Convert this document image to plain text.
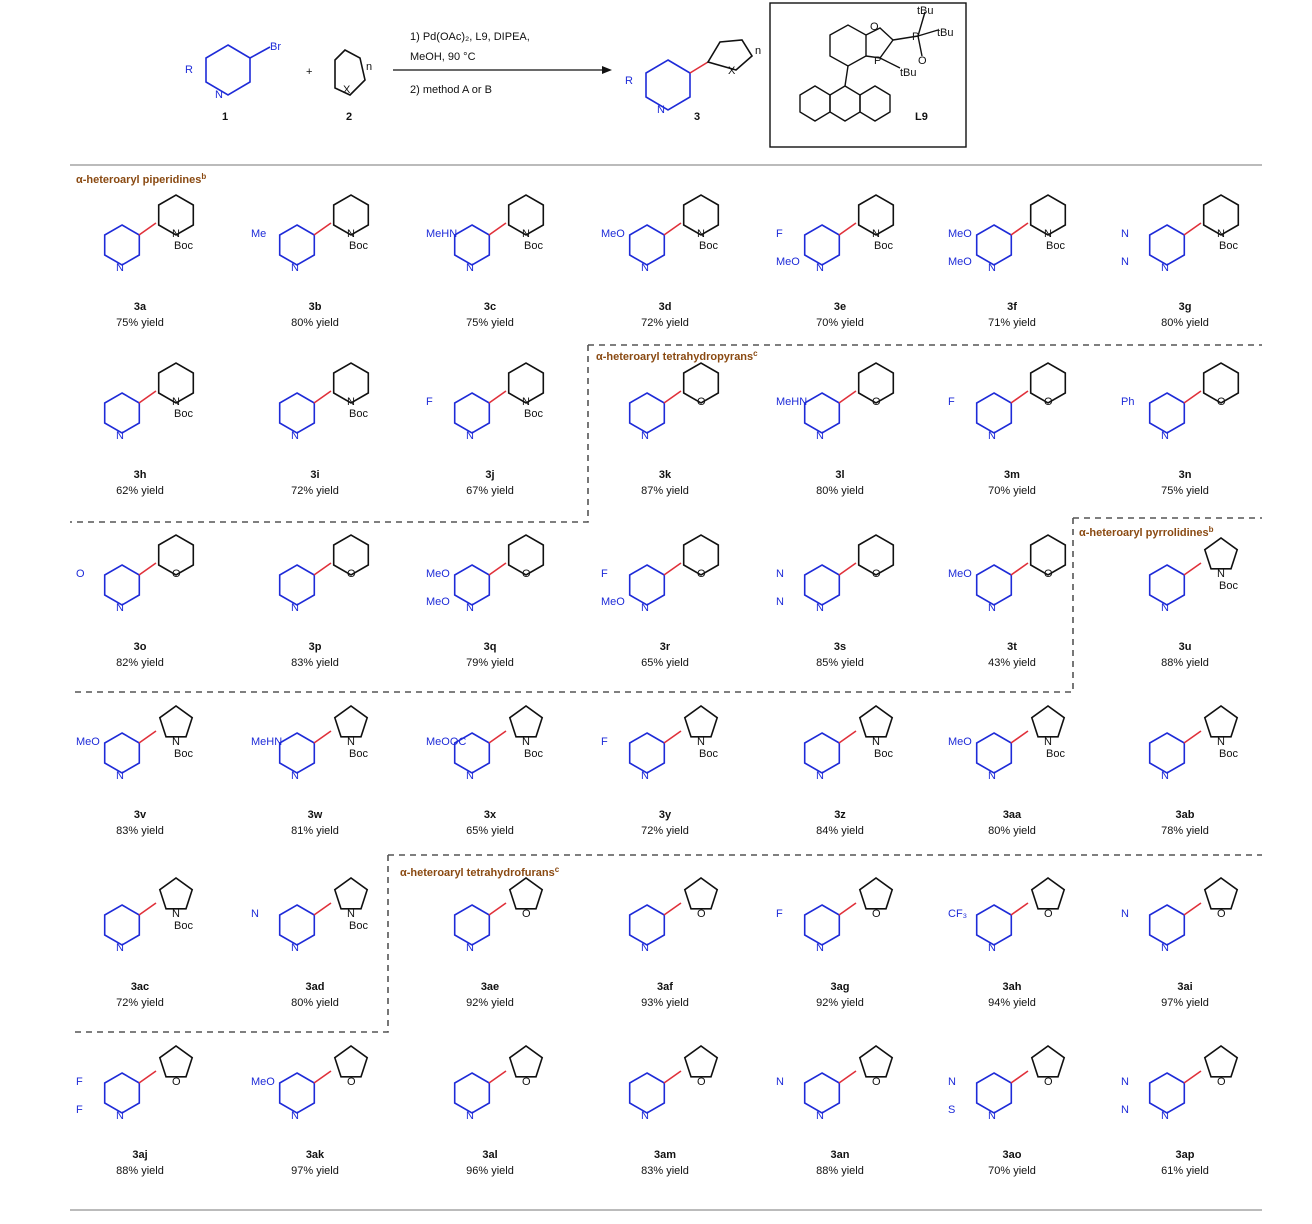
Br
R
N
1
+
X
n
2
1) Pd(OAc)₂, L9, DIPEA,
MeOH, 90 °C
2) method A or B
R
N
X
n
3
O
P
tBu
tBu
tBu
P
O
L9
α-heteroaryl piperidines$^b$
α-heteroaryl tetrahydropyrans$^c$
α-heteroaryl pyrrolidines$^b$
α-heteroaryl tetrahydrofurans$^c$
N
N
Boc
3a
75% yield
N
N
Boc
Me
3b
80% yield
N
N
Boc
MeHN
3c
75% yield
N
N
Boc
MeO
3d
72% yield
N
N
Boc
F
MeO
3e
70% yield
N
N
Boc
MeO
MeO
3f
71% yield
N
N
Boc
N
N
3g
80% yield
N
N
Boc
3h
62% yield
N
N
Boc
3i
72% yield
N
N
Boc
F
3j
67% yield
N
O
3k
87% yield
N
O
MeHN
3l
80% yield
N
O
F
3m
70% yield
N
O
Ph
3n
75% yield
N
O
O
3o
82% yield
N
O
3p
83% yield
N
O
MeO
MeO
3q
79% yield
N
O
F
MeO
3r
65% yield
N
O
N
N
3s
85% yield
N
O
MeO
3t
43% yield
N
N
Boc
3u
88% yield
N
N
Boc
MeO
3v
83% yield
N
N
Boc
MeHN
3w
81% yield
N
N
Boc
MeOOC
3x
65% yield
N
N
Boc
F
3y
72% yield
N
N
Boc
3z
84% yield
N
N
Boc
MeO
3aa
80% yield
N
N
Boc
3ab
78% yield
N
N
Boc
3ac
72% yield
N
N
Boc
N
3ad
80% yield
N
O
3ae
92% yield
N
O
3af
93% yield
N
O
F
3ag
92% yield
N
O
CF₃
3ah
94% yield
N
O
N
3ai
97% yield
N
O
F
F
3aj
88% yield
N
O
MeO
3ak
97% yield
N
O
3al
96% yield
N
O
3am
83% yield
N
O
N
3an
88% yield
N
O
N
S
3ao
70% yield
N
O
N
N
3ap
61% yield
